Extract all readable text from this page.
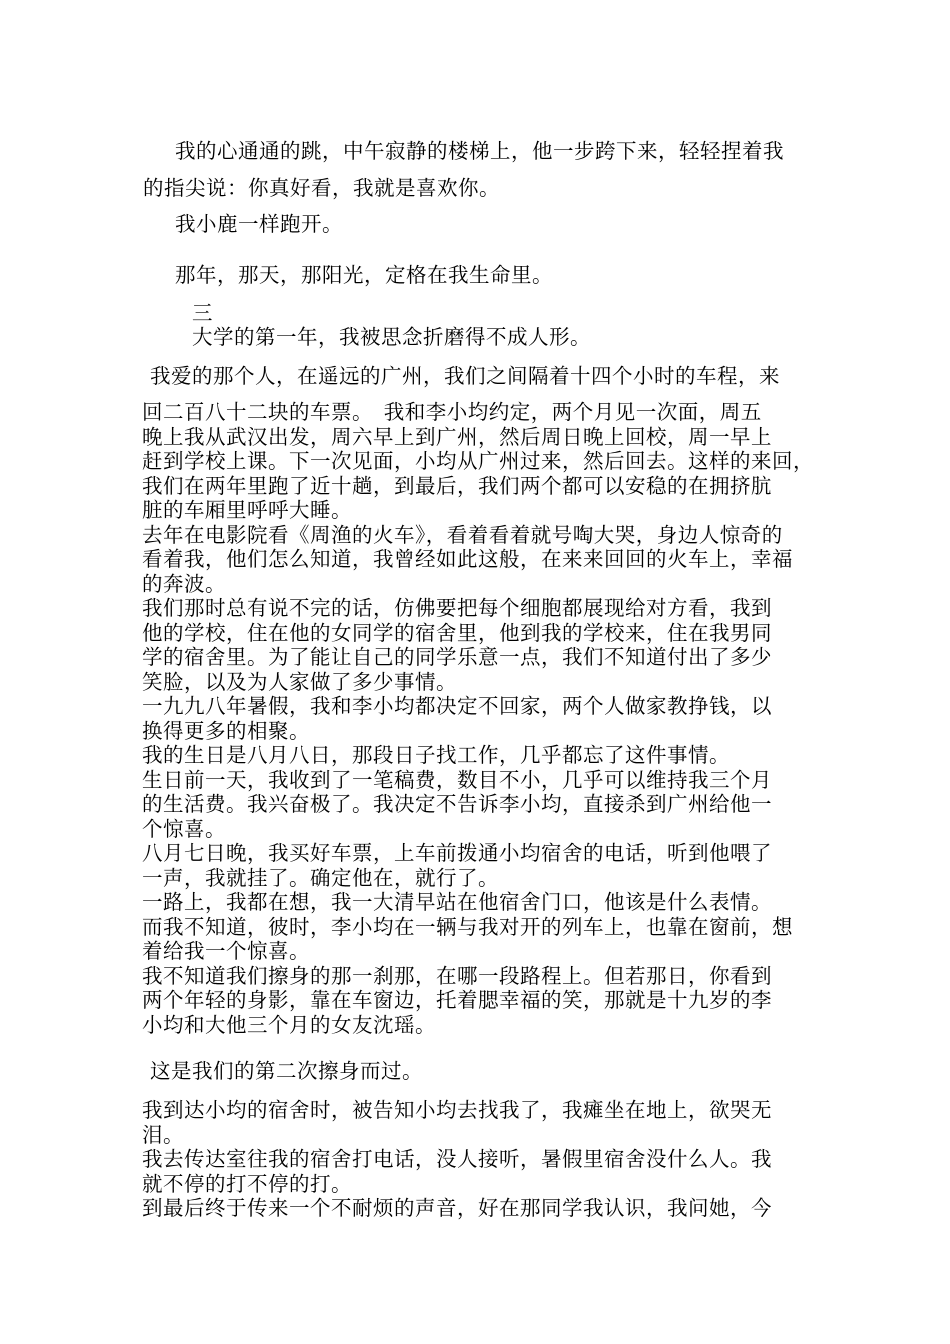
我的心通通的跳，中午寂静的楼梯上，他一步跨下来，轻轻捏着我
的指尖说：你真好看，我就是喜欢你。
我小鹿一样跑开。
那年，那天，那阳光，定格在我生命里。
三
大学的第一年，我被思念折磨得不成人形。
我爱的那个人，在遥远的广州，我们之间隔着十四个小时的车程，来
回二百八十二块的车票。　我和李小均约定，两个月见一次面，周五
晚上我从武汉出发，周六早上到广州，然后周日晚上回校，周一早上
赶到学校上课。下一次见面，小均从广州过来，然后回去。这样的来回，
我们在两年里跑了近十趟，到最后，我们两个都可以安稳的在拥挤肮
脏的车厢里呼呼大睡。
去年在电影院看《周渔的火车》，看着看着就号啕大哭，身边人惊奇的
看着我，他们怎么知道，我曾经如此这般，在来来回回的火车上，幸福
的奔波。
我们那时总有说不完的话，仿佛要把每个细胞都展现给对方看，我到
他的学校，住在他的女同学的宿舍里，他到我的学校来，住在我男同
学的宿舍里。为了能让自己的同学乐意一点，我们不知道付出了多少
笑脸，以及为人家做了多少事情。
一九九八年暑假，我和李小均都决定不回家，两个人做家教挣钱，以
换得更多的相聚。
我的生日是八月八日，那段日子找工作，几乎都忘了这件事情。
生日前一天，我收到了一笔稿费，数目不小，几乎可以维持我三个月
的生活费。我兴奋极了。我决定不告诉李小均，直接杀到广州给他一
个惊喜。
八月七日晚，我买好车票，上车前拨通小均宿舍的电话，听到他喂了
一声，我就挂了。确定他在，就行了。
一路上，我都在想，我一大清早站在他宿舍门口，他该是什么表情。
而我不知道，彼时，李小均在一辆与我对开的列车上，也靠在窗前，想
着给我一个惊喜。
我不知道我们擦身的那一刹那，在哪一段路程上。但若那日，你看到
两个年轻的身影，靠在车窗边，托着腮幸福的笑，那就是十九岁的李
小均和大他三个月的女友沈瑶。
这是我们的第二次擦身而过。
我到达小均的宿舍时，被告知小均去找我了，我瘫坐在地上，欲哭无
泪。
我去传达室往我的宿舍打电话，没人接听，暑假里宿舍没什么人。我
就不停的打不停的打。
到最后终于传来一个不耐烦的声音，好在那同学我认识，我问她，今
